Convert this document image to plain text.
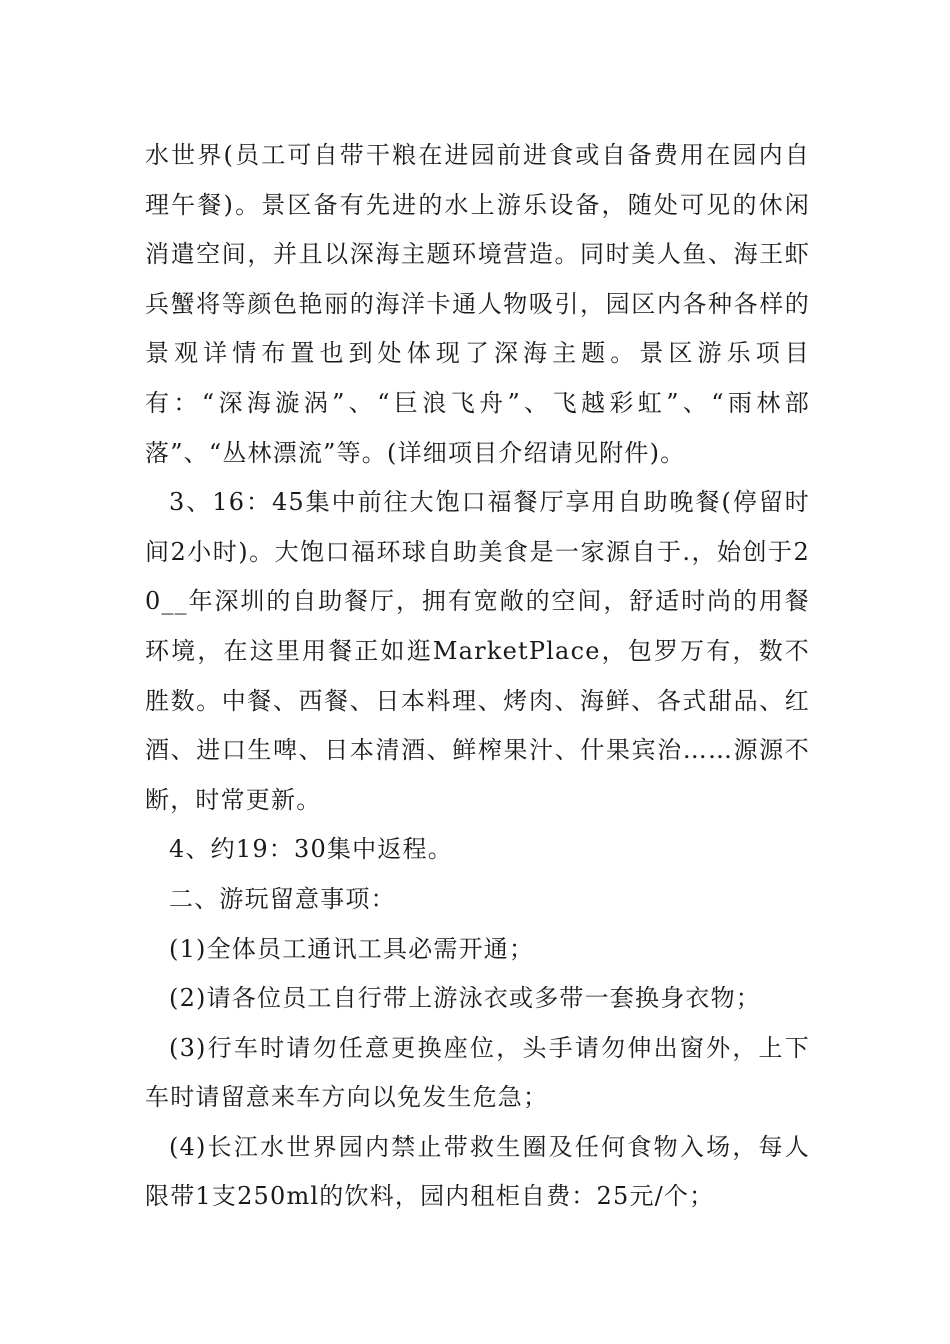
水世界(员工可自带干粮在进园前进食或自备费用在园内自理午餐)。景区备有先进的水上游乐设备，随处可见的休闲消遣空间，并且以深海主题环境营造。同时美人鱼、海王虾兵蟹将等颜色艳丽的海洋卡通人物吸引，园区内各种各样的景观详情布置也到处体现了深海主题。景区游乐项目有：“深海漩涡”、“巨浪飞舟”、飞越彩虹”、“雨林部落”、“丛林漂流”等。(详细项目介绍请见附件)。

3、16：45集中前往大饱口福餐厅享用自助晚餐(停留时间2小时)。大饱口福环球自助美食是一家源自于.，始创于20__年深圳的自助餐厅，拥有宽敞的空间，舒适时尚的用餐环境，在这里用餐正如逛MarketPlace，包罗万有，数不胜数。中餐、西餐、日本料理、烤肉、海鲜、各式甜品、红酒、进口生啤、日本清酒、鲜榨果汁、什果宾治……源源不断，时常更新。

4、约19：30集中返程。

二、游玩留意事项：

(1)全体员工通讯工具必需开通；

(2)请各位员工自行带上游泳衣或多带一套换身衣物；

(3)行车时请勿任意更换座位，头手请勿伸出窗外，上下车时请留意来车方向以免发生危急；

(4)长江水世界园内禁止带救生圈及任何食物入场，每人限带1支250ml的饮料，园内租柜自费：25元/个；
